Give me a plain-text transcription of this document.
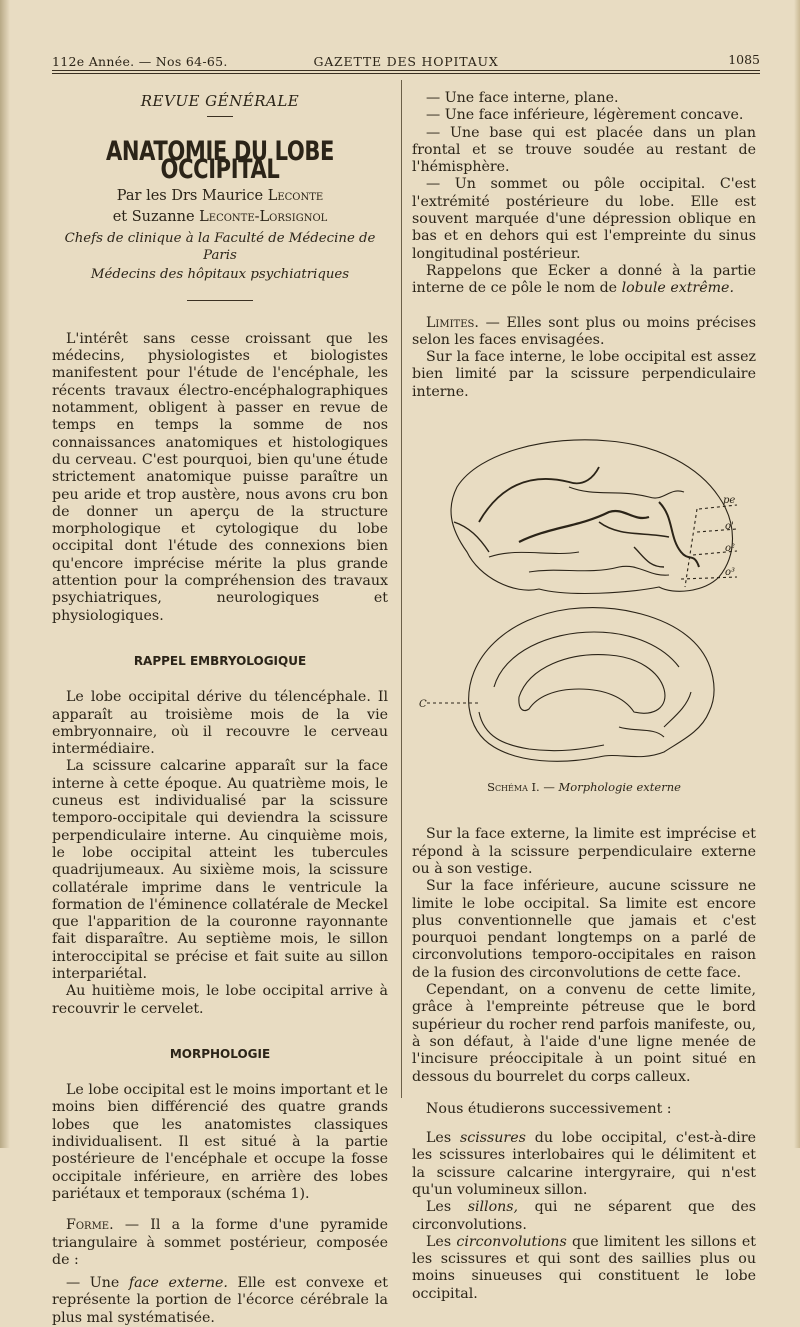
112e Année. — Nos 64-65.	GAZETTE DES HOPITAUX	1085
REVUE GÉNÉRALE
ANATOMIE DU LOBE OCCIPITAL
Par les Drs Maurice Leconte
et Suzanne Leconte-Lorsignol
Chefs de clinique à la Faculté de Médecine de Paris
Médecins des hôpitaux psychiatriques

L'intérêt sans cesse croissant que les médecins, physiologistes et biologistes manifestent pour l'étude de l'encéphale, les récents travaux électro-encéphalographiques notamment, obligent à passer en revue de temps en temps la somme de nos connaissances anatomiques et histologiques du cerveau. C'est pourquoi, bien qu'une étude strictement anatomique puisse paraître un peu aride et trop austère, nous avons cru bon de donner un aperçu de la structure morphologique et cytologique du lobe occipital dont l'étude des connexions bien qu'encore imprécise mérite la plus grande attention pour la compréhension des travaux psychiatriques, neurologiques et physiologiques.

RAPPEL EMBRYOLOGIQUE

Le lobe occipital dérive du télencéphale. Il apparaît au troisième mois de la vie embryonnaire, où il recouvre le cerveau intermédiaire.

La scissure calcarine apparaît sur la face interne à cette époque. Au quatrième mois, le cuneus est individualisé par la scissure temporo-occipitale qui deviendra la scissure perpendiculaire interne. Au cinquième mois, le lobe occipital atteint les tubercules quadrijumeaux. Au sixième mois, la scissure collatérale imprime dans le ventricule la formation de l'éminence collatérale de Meckel que l'apparition de la couronne rayonnante fait disparaître. Au septième mois, le sillon interoccipital se précise et fait suite au sillon interpariétal.

Au huitième mois, le lobe occipital arrive à recouvrir le cervelet.

MORPHOLOGIE

Le lobe occipital est le moins important et le moins bien différencié des quatre grands lobes que les anatomistes classiques individualisent. Il est situé à la partie postérieure de l'encéphale et occupe la fosse occipitale inférieure, en arrière des lobes pariétaux et temporaux (schéma 1).

Forme. — Il a la forme d'une pyramide triangulaire à sommet postérieur, composée de :

— Une face externe. Elle est convexe et représente la portion de l'écorce cérébrale la plus mal systématisée.

— Une face interne, plane.

— Une face inférieure, légèrement concave.

— Une base qui est placée dans un plan frontal et se trouve soudée au restant de l'hémisphère.

— Un sommet ou pôle occipital. C'est l'extrémité postérieure du lobe. Elle est souvent marquée d'une dépression oblique en bas et en dehors qui est l'empreinte du sinus longitudinal postérieur.

Rappelons que Ecker a donné à la partie interne de ce pôle le nom de lobule extrême.

Limites. — Elles sont plus ou moins précises selon les faces envisagées.

Sur la face interne, le lobe occipital est assez bien limité par la scissure perpendiculaire interne.

pe
o'
o²
o³
C
Schéma I. — Morphologie externe

Sur la face externe, la limite est imprécise et répond à la scissure perpendiculaire externe ou à son vestige.

Sur la face inférieure, aucune scissure ne limite le lobe occipital. Sa limite est encore plus conventionnelle que jamais et c'est pourquoi pendant longtemps on a parlé de circonvolutions temporo-occipitales en raison de la fusion des circonvolutions de cette face.

Cependant, on a convenu de cette limite, grâce à l'empreinte pétreuse que le bord supérieur du rocher rend parfois manifeste, ou, à son défaut, à l'aide d'une ligne menée de l'incisure préoccipitale à un point situé en dessous du bourrelet du corps calleux.

Nous étudierons successivement :

Les scissures du lobe occipital, c'est-à-dire les scissures interlobaires qui le délimitent et la scissure calcarine intergyraire, qui n'est qu'un volumineux sillon.

Les sillons, qui ne séparent que des circonvolutions.

Les circonvolutions que limitent les sillons et les scissures et qui sont des saillies plus ou moins sinueuses qui constituent le lobe occipital.
